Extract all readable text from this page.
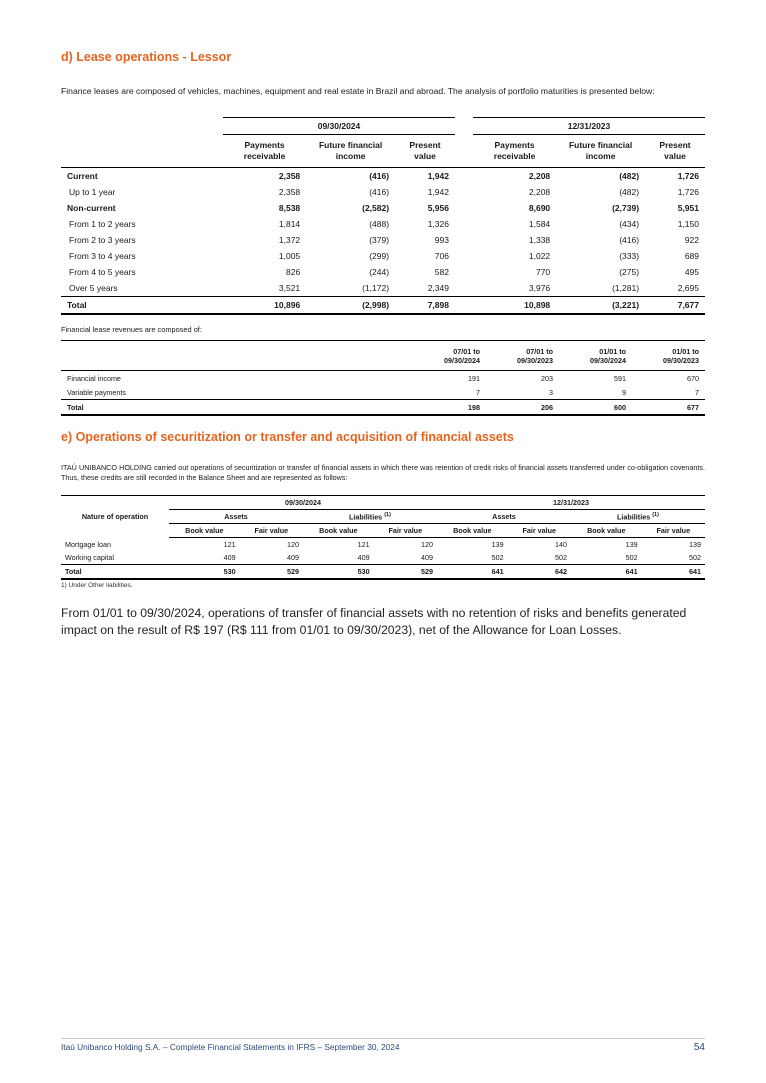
d) Lease operations - Lessor
Finance leases are composed of vehicles, machines, equipment and real estate in Brazil and abroad. The analysis of portfolio maturities is presented below:
	09/30/2024				12/31/2023		
	Payments receivable	Future financial income	Present value		Payments receivable	Future financial income	Present value
Current	2,358	(416)	1,942		2,208	(482)	1,726
Up to 1 year	2,358	(416)	1,942		2,208	(482)	1,726
Non-current	8,538	(2,582)	5,956		8,690	(2,739)	5,951
From 1 to 2 years	1,814	(488)	1,326		1,584	(434)	1,150
From 2 to 3 years	1,372	(379)	993		1,338	(416)	922
From 3 to 4 years	1,005	(299)	706		1,022	(333)	689
From 4 to 5 years	826	(244)	582		770	(275)	495
Over 5 years	3,521	(1,172)	2,349		3,976	(1,281)	2,695
Total	10,896	(2,998)	7,898		10,898	(3,221)	7,677
Financial lease revenues are composed of:
	07/01 to 09/30/2024	07/01 to 09/30/2023	01/01 to 09/30/2024	01/01 to 09/30/2023
Financial income	191	203	591	670
Variable payments	7	3	9	7
Total	198	206	600	677
e) Operations of securitization or transfer and acquisition of financial assets
ITAÚ UNIBANCO HOLDING carried out operations of securitization or transfer of financial assets in which there was retention of credit risks of financial assets transferred under co-obligation covenants. Thus, these credits are still recorded in the Balance Sheet and are represented as follows:
Nature of operation	09/30/2024				12/31/2023			
	Assets		Liabilities $^{(1)}$		Assets		Liabilities $^{(1)}$
	Book value	Fair value	Book value	Fair value	Book value	Fair value	Book value	Fair value
Mortgage loan	121	120	121	120	139	140	139	139
Working capital	409	409	409	409	502	502	502	502
Total	530	529	530	529	641	642	641	641
1) Under Other liabilities.
From 01/01 to 09/30/2024, operations of transfer of financial assets with no retention of risks and benefits generated impact on the result of R$ 197 (R$ 111 from 01/01 to 09/30/2023), net of the Allowance for Loan Losses.
Itaú Unibanco Holding S.A. – Complete Financial Statements in IFRS – September 30, 2024	54
